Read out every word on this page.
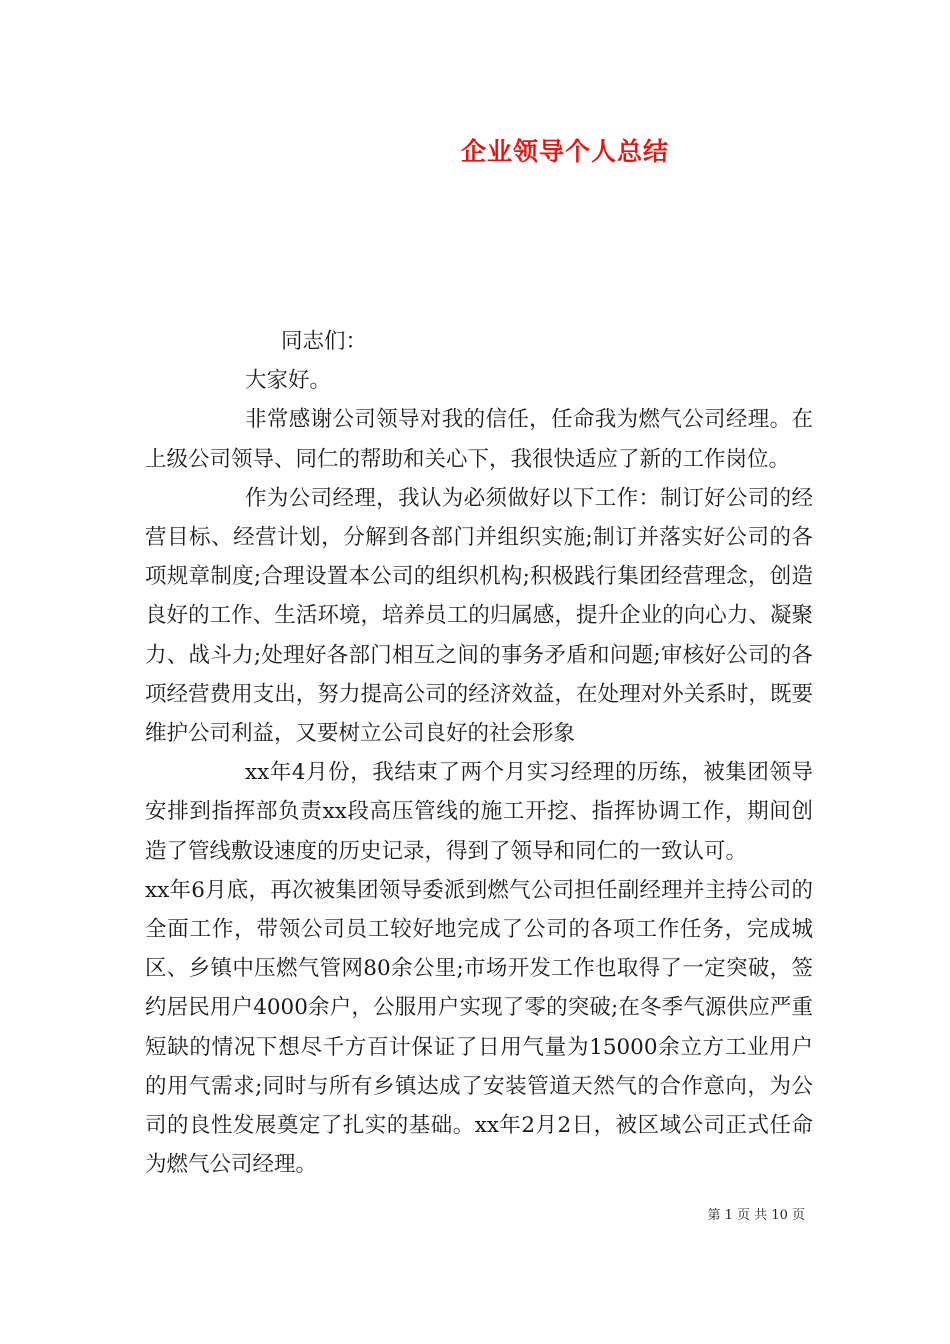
企业领导个人总结

同志们：

大家好。

非常感谢公司领导对我的信任，任命我为燃气公司经理。在上级公司领导、同仁的帮助和关心下，我很快适应了新的工作岗位。

作为公司经理，我认为必须做好以下工作：制订好公司的经营目标、经营计划，分解到各部门并组织实施;制订并落实好公司的各项规章制度;合理设置本公司的组织机构;积极践行集团经营理念，创造良好的工作、生活环境，培养员工的归属感，提升企业的向心力、凝聚力、战斗力;处理好各部门相互之间的事务矛盾和问题;审核好公司的各项经营费用支出，努力提高公司的经济效益，在处理对外关系时，既要维护公司利益，又要树立公司良好的社会形象

xx年4月份，我结束了两个月实习经理的历练，被集团领导安排到指挥部负责xx段高压管线的施工开挖、指挥协调工作，期间创造了管线敷设速度的历史记录，得到了领导和同仁的一致认可。

xx年6月底，再次被集团领导委派到燃气公司担任副经理并主持公司的全面工作，带领公司员工较好地完成了公司的各项工作任务，完成城区、乡镇中压燃气管网80余公里;市场开发工作也取得了一定突破，签约居民用户4000余户，公服用户实现了零的突破;在冬季气源供应严重短缺的情况下想尽千方百计保证了日用气量为15000余立方工业用户的用气需求;同时与所有乡镇达成了安装管道天然气的合作意向，为公司的良性发展奠定了扎实的基础。xx年2月2日，被区域公司正式任命为燃气公司经理。

第 1 页 共 10 页
